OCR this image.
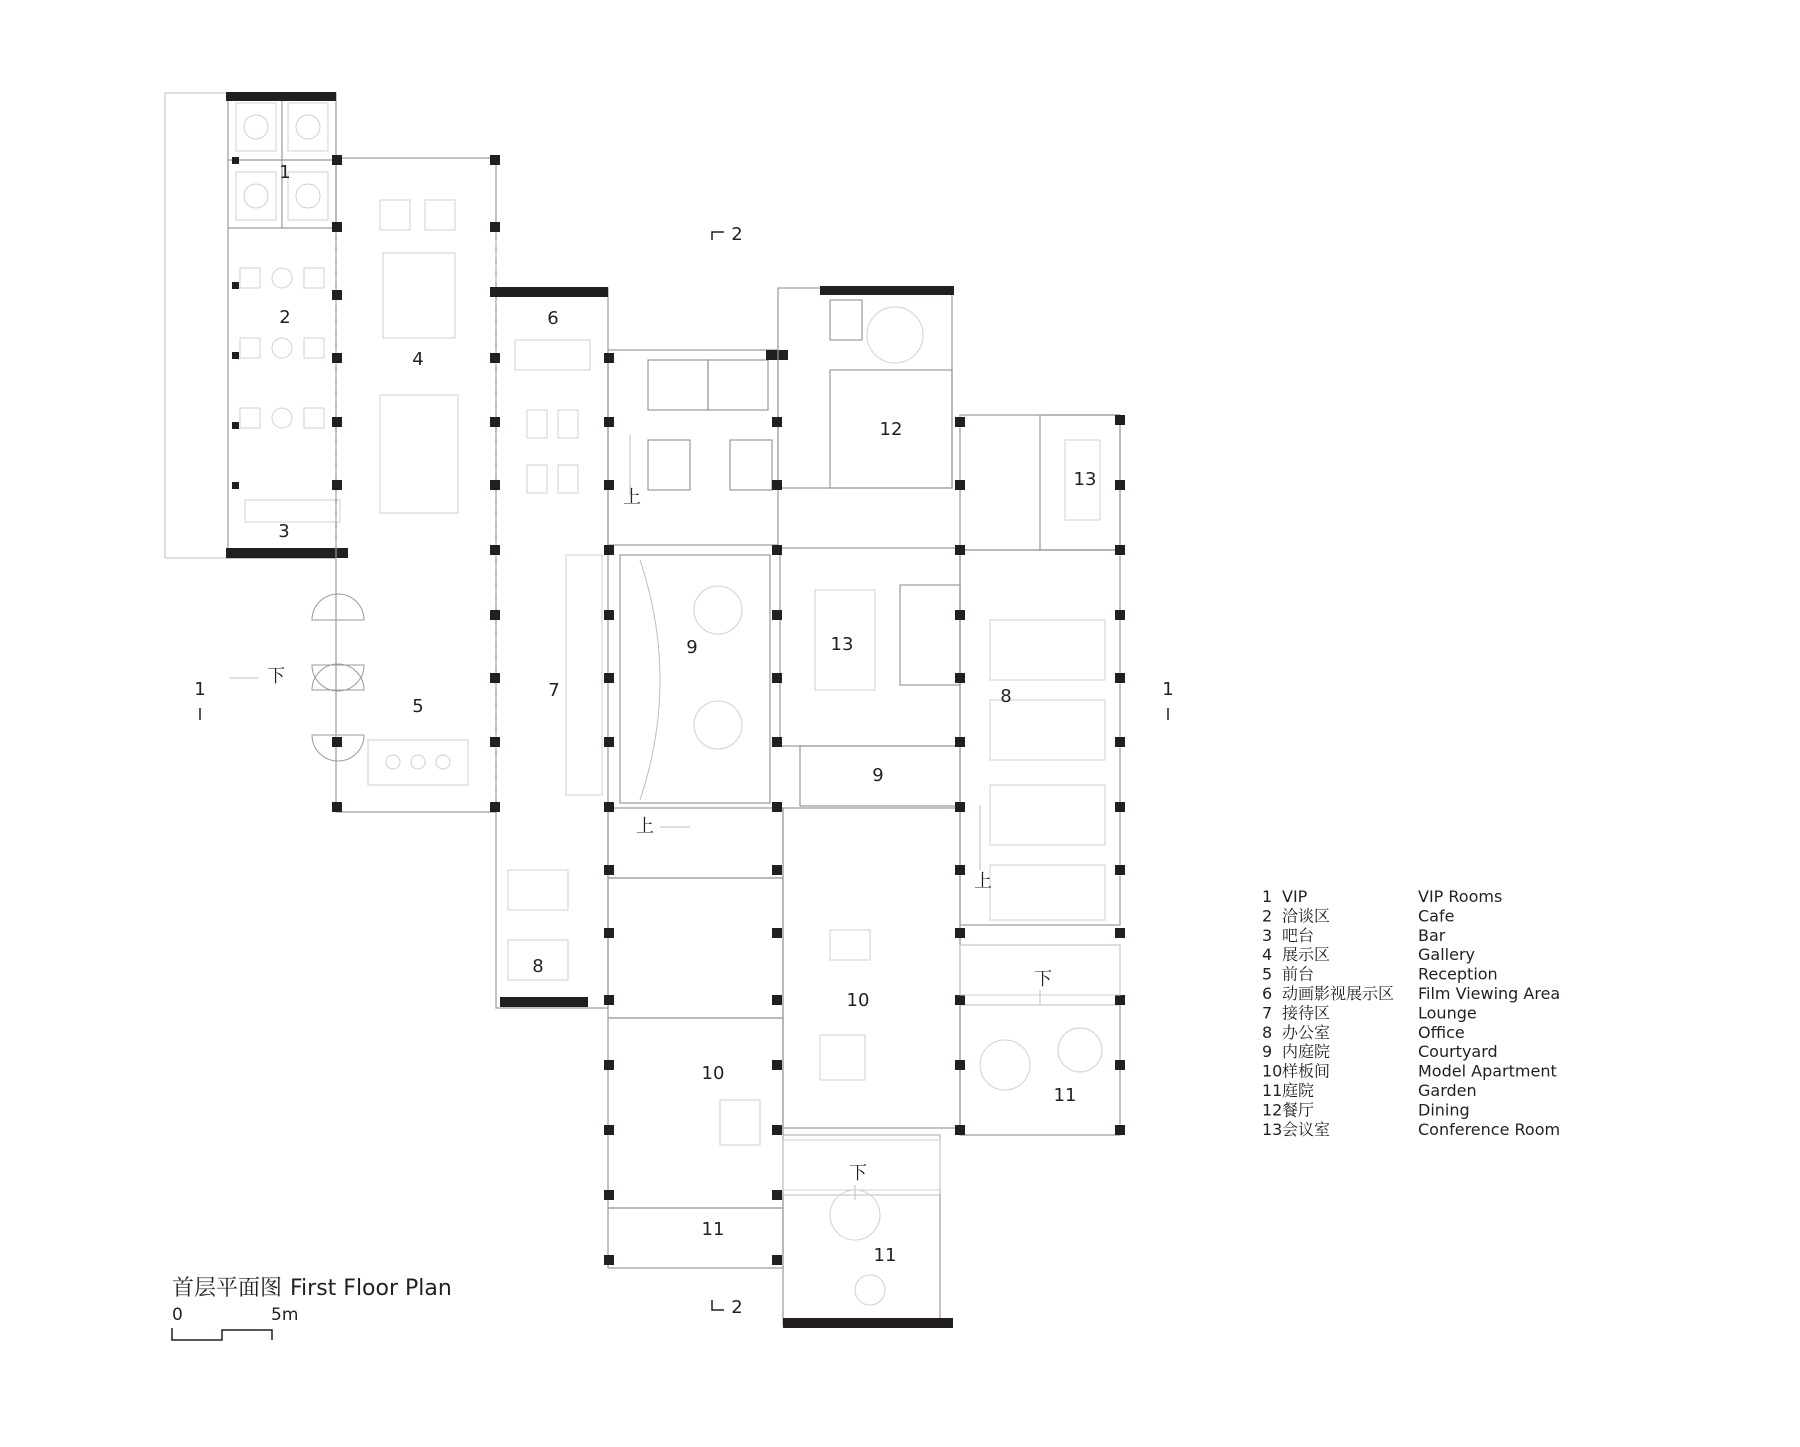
1
2
3
4
5
6
7
8
9	13
9
8
12
13
10
10
11
11
11
上
下
上
上
下
下
2
2
1	1
首层平面图 First Floor Plan
0	5m
1 VIP	VIP Rooms
2 洽谈区	Cafe
3 吧台	Bar
4 展示区	Gallery
5 前台	Reception
6 动画影视展示区 Film Viewing Area
7 接待区	Lounge
8 办公室	Office
9 内庭院	Courtyard
10 样板间	Model Apartment
11 庭院	Garden
12 餐厅	Dining
13 会议室	Conference Room
